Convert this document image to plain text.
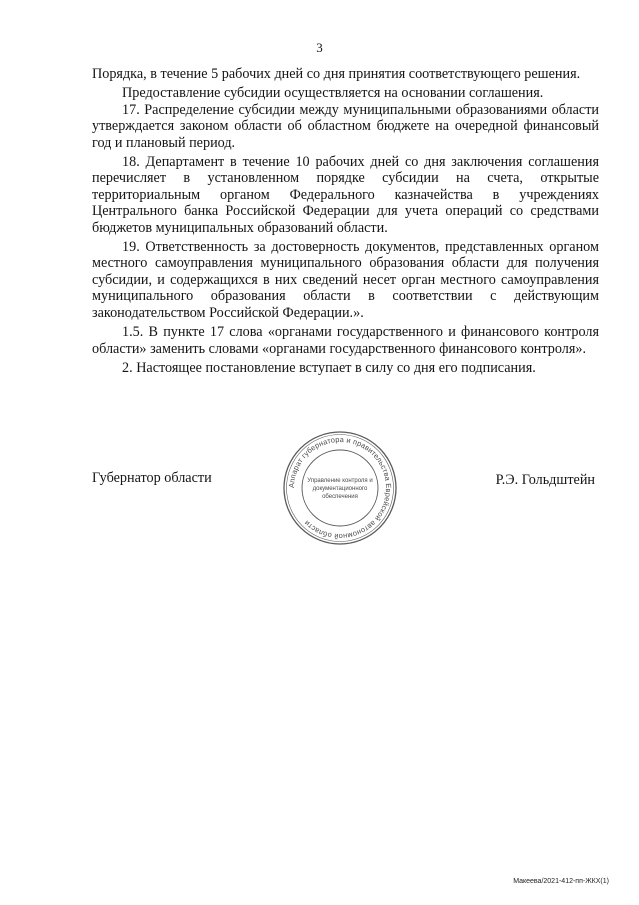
3

Порядка, в течение 5 рабочих дней со дня принятия соответствующего решения.

Предоставление субсидии осуществляется на основании соглашения.

17. Распределение субсидии между муниципальными образованиями области утверждается законом области об областном бюджете на очередной финансовый год и плановый период.

18. Департамент в течение 10 рабочих дней со дня заключения соглашения перечисляет в установленном порядке субсидии на счета, открытые территориальным органом Федерального казначейства в учреждениях Центрального банка Российской Федерации для учета операций со средствами бюджетов муниципальных образований области.

19. Ответственность за достоверность документов, представленных органом местного самоуправления муниципального образования области для получения субсидии, и содержащихся в них сведений несет орган местного самоуправления муниципального образования области в соответствии с действующим законодательством Российской Федерации.».

1.5. В пункте 17 слова «органами государственного и финансового контроля области» заменить словами «органами государственного финансового контроля».

2. Настоящее постановление вступает в силу со дня его подписания.

Губернатор области	Р.Э. Гольдштейн
Аппарат губернатора и правительства Еврейской автономной области
Управление контроля и
документационного
обеспечения
Макеева/2021-412-пп-ЖКХ(1)
